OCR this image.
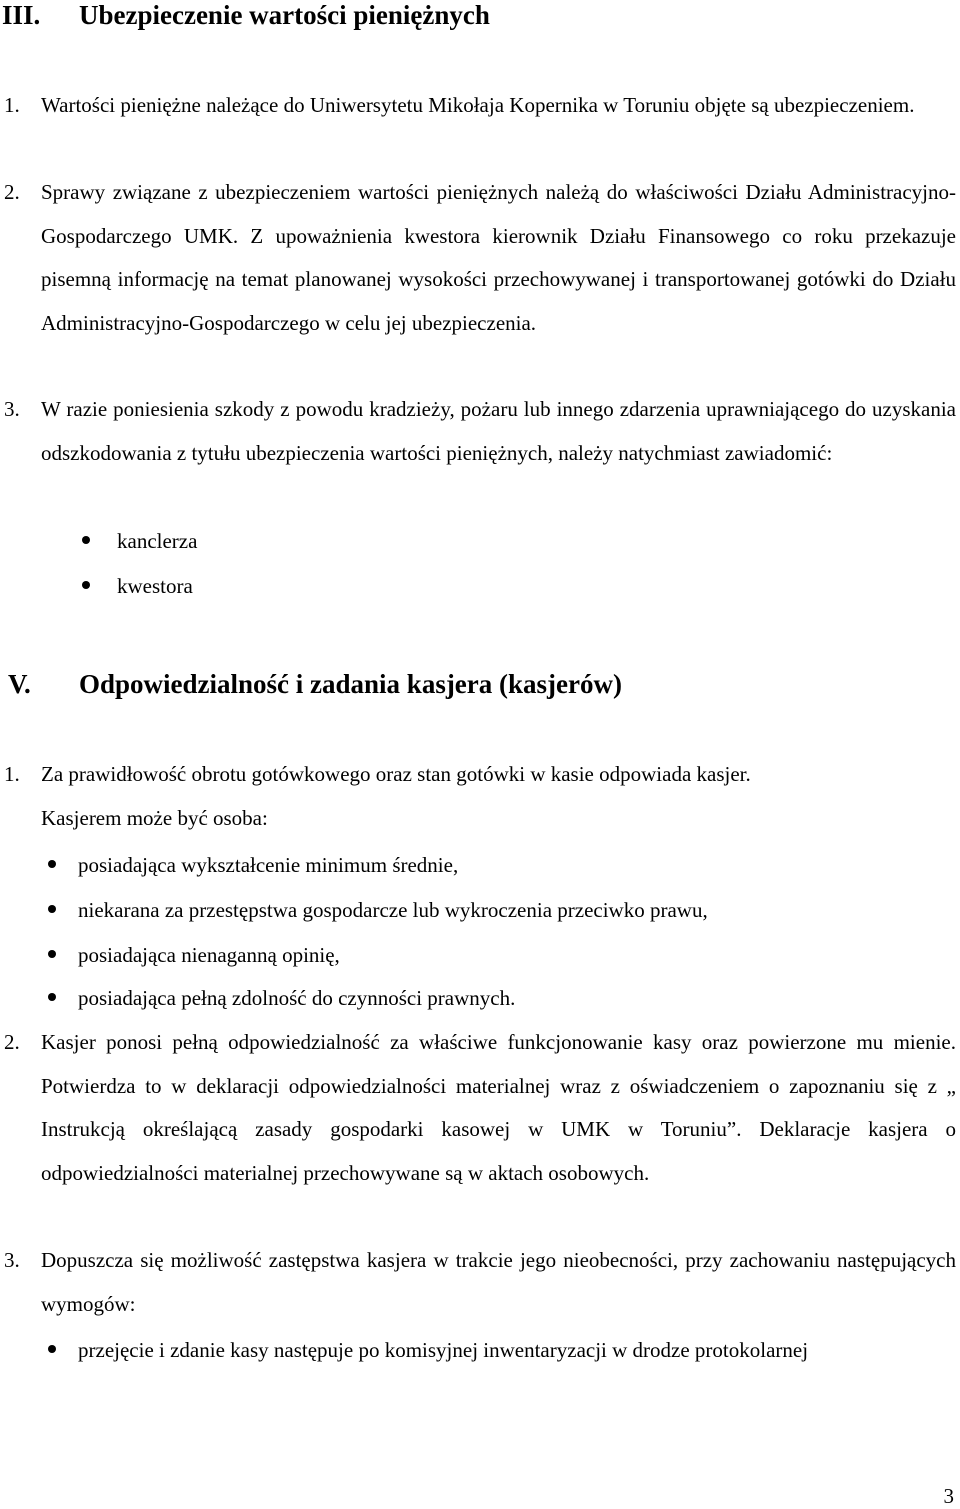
III. Ubezpieczenie wartości pieniężnych
1. Wartości pieniężne należące do Uniwersytetu Mikołaja Kopernika w Toruniu objęte są ubezpieczeniem.
2. Sprawy związane z ubezpieczeniem wartości pieniężnych należą do właściwości Działu Administracyjno-Gospodarczego UMK. Z upoważnienia kwestora kierownik Działu Finansowego co roku przekazuje pisemną informację na temat planowanej wysokości przechowywanej i transportowanej gotówki do Działu Administracyjno-Gospodarczego w celu jej ubezpieczenia.
3. W razie poniesienia szkody z powodu kradzieży, pożaru lub innego zdarzenia uprawniającego do uzyskania odszkodowania z tytułu ubezpieczenia wartości pieniężnych, należy natychmiast zawiadomić:
kanclerza
kwestora
V. Odpowiedzialność i zadania kasjera (kasjerów)
1. Za prawidłowość obrotu gotówkowego oraz stan gotówki w kasie odpowiada kasjer.
Kasjerem może być osoba:
posiadająca wykształcenie minimum średnie,
niekarana za przestępstwa gospodarcze lub wykroczenia przeciwko prawu,
posiadająca nienaganną opinię,
posiadająca pełną zdolność do czynności prawnych.
2. Kasjer ponosi pełną odpowiedzialność za właściwe funkcjonowanie kasy oraz powierzone mu mienie. Potwierdza to w deklaracji odpowiedzialności materialnej wraz z oświadczeniem o zapoznaniu się z „ Instrukcją określającą zasady gospodarki kasowej w UMK w Toruniu”. Deklaracje kasjera o odpowiedzialności materialnej przechowywane są w aktach osobowych.
3. Dopuszcza się możliwość zastępstwa kasjera w trakcie jego nieobecności, przy zachowaniu następujących wymogów:
przejęcie i zdanie kasy następuje po komisyjnej inwentaryzacji w drodze protokolarnej
3
